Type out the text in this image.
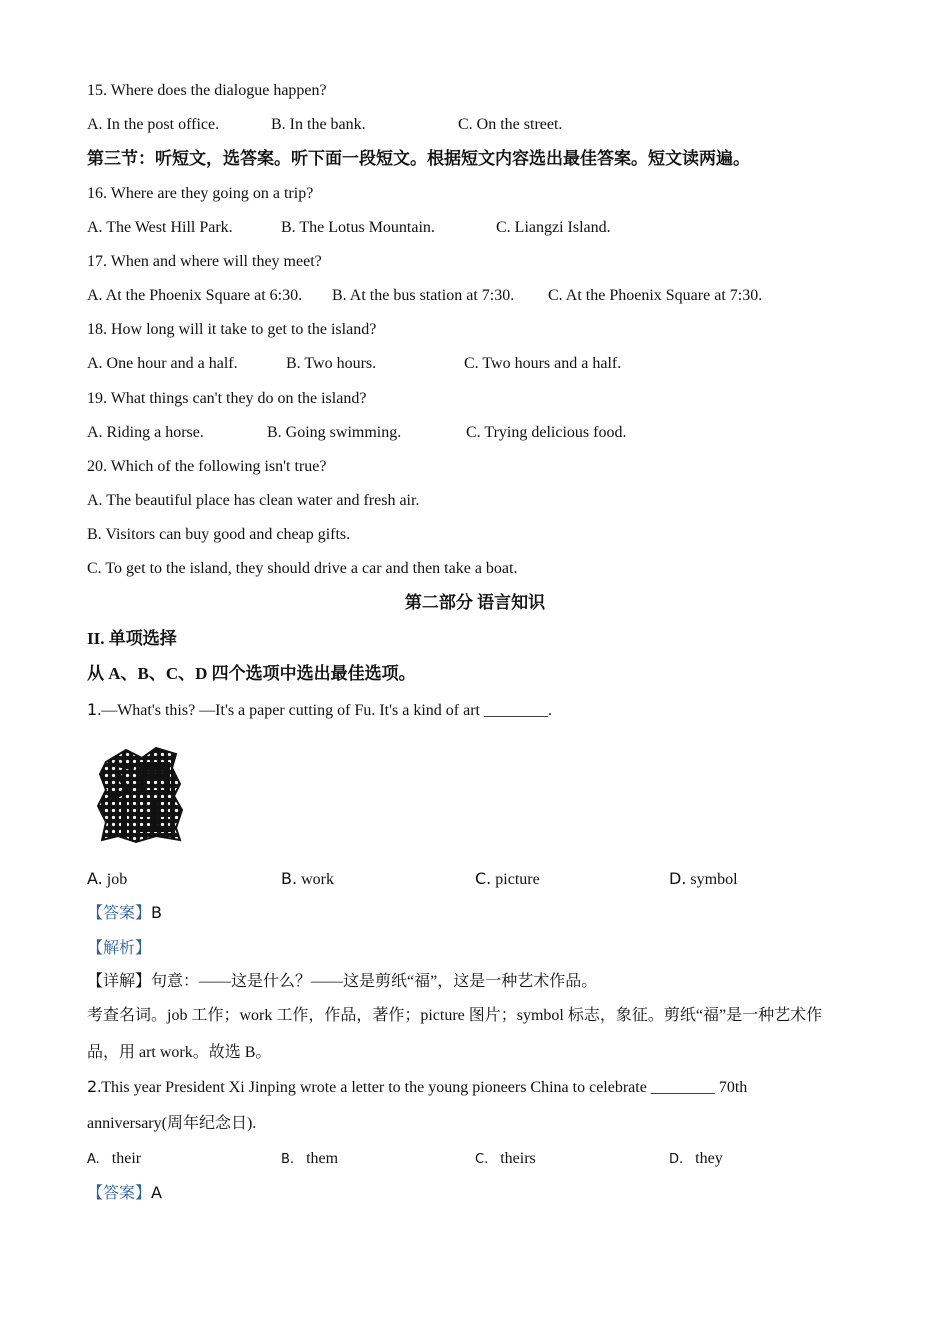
15. Where does the dialogue happen?
A. In the post office.	B. In the bank.	C. On the street.
第三节：听短文，选答案。听下面一段短文。根据短文内容选出最佳答案。短文读两遍。
16. Where are they going on a trip?
A. The West Hill Park.	B. The Lotus Mountain.	C. Liangzi Island.
17. When and where will they meet?
A. At the Phoenix Square at 6:30. B. At the bus station at 7:30. C. At the Phoenix Square at 7:30.
18. How long will it take to get to the island?
A. One hour and a half.	B. Two hours.	C. Two hours and a half.
19. What things can't they do on the island?
A. Riding a horse.	B. Going swimming.	C. Trying delicious food.
20. Which of the following isn't true?
A. The beautiful place has clean water and fresh air.
B. Visitors can buy good and cheap gifts.
C. To get to the island, they should drive a car and then take a boat.
第二部分 语言知识
II. 单项选择
从 A、B、C、D 四个选项中选出最佳选项。
1.—What's this? —It's a paper cutting of Fu. It's a kind of art ________.
A. job	B. work	C. picture	D. symbol
【答案】B
【解析】
【详解】句意：——这是什么？——这是剪纸“福”，这是一种艺术作品。
考查名词。job 工作；work 工作，作品，著作；picture 图片；symbol 标志，象征。剪纸“福”是一种艺术作
品，用 art work。故选 B。
2.This year President Xi Jinping wrote a letter to the young pioneers China to celebrate ________ 70th
anniversary(周年纪念日).
A. their	B. them	C. theirs	D. they
【答案】A
